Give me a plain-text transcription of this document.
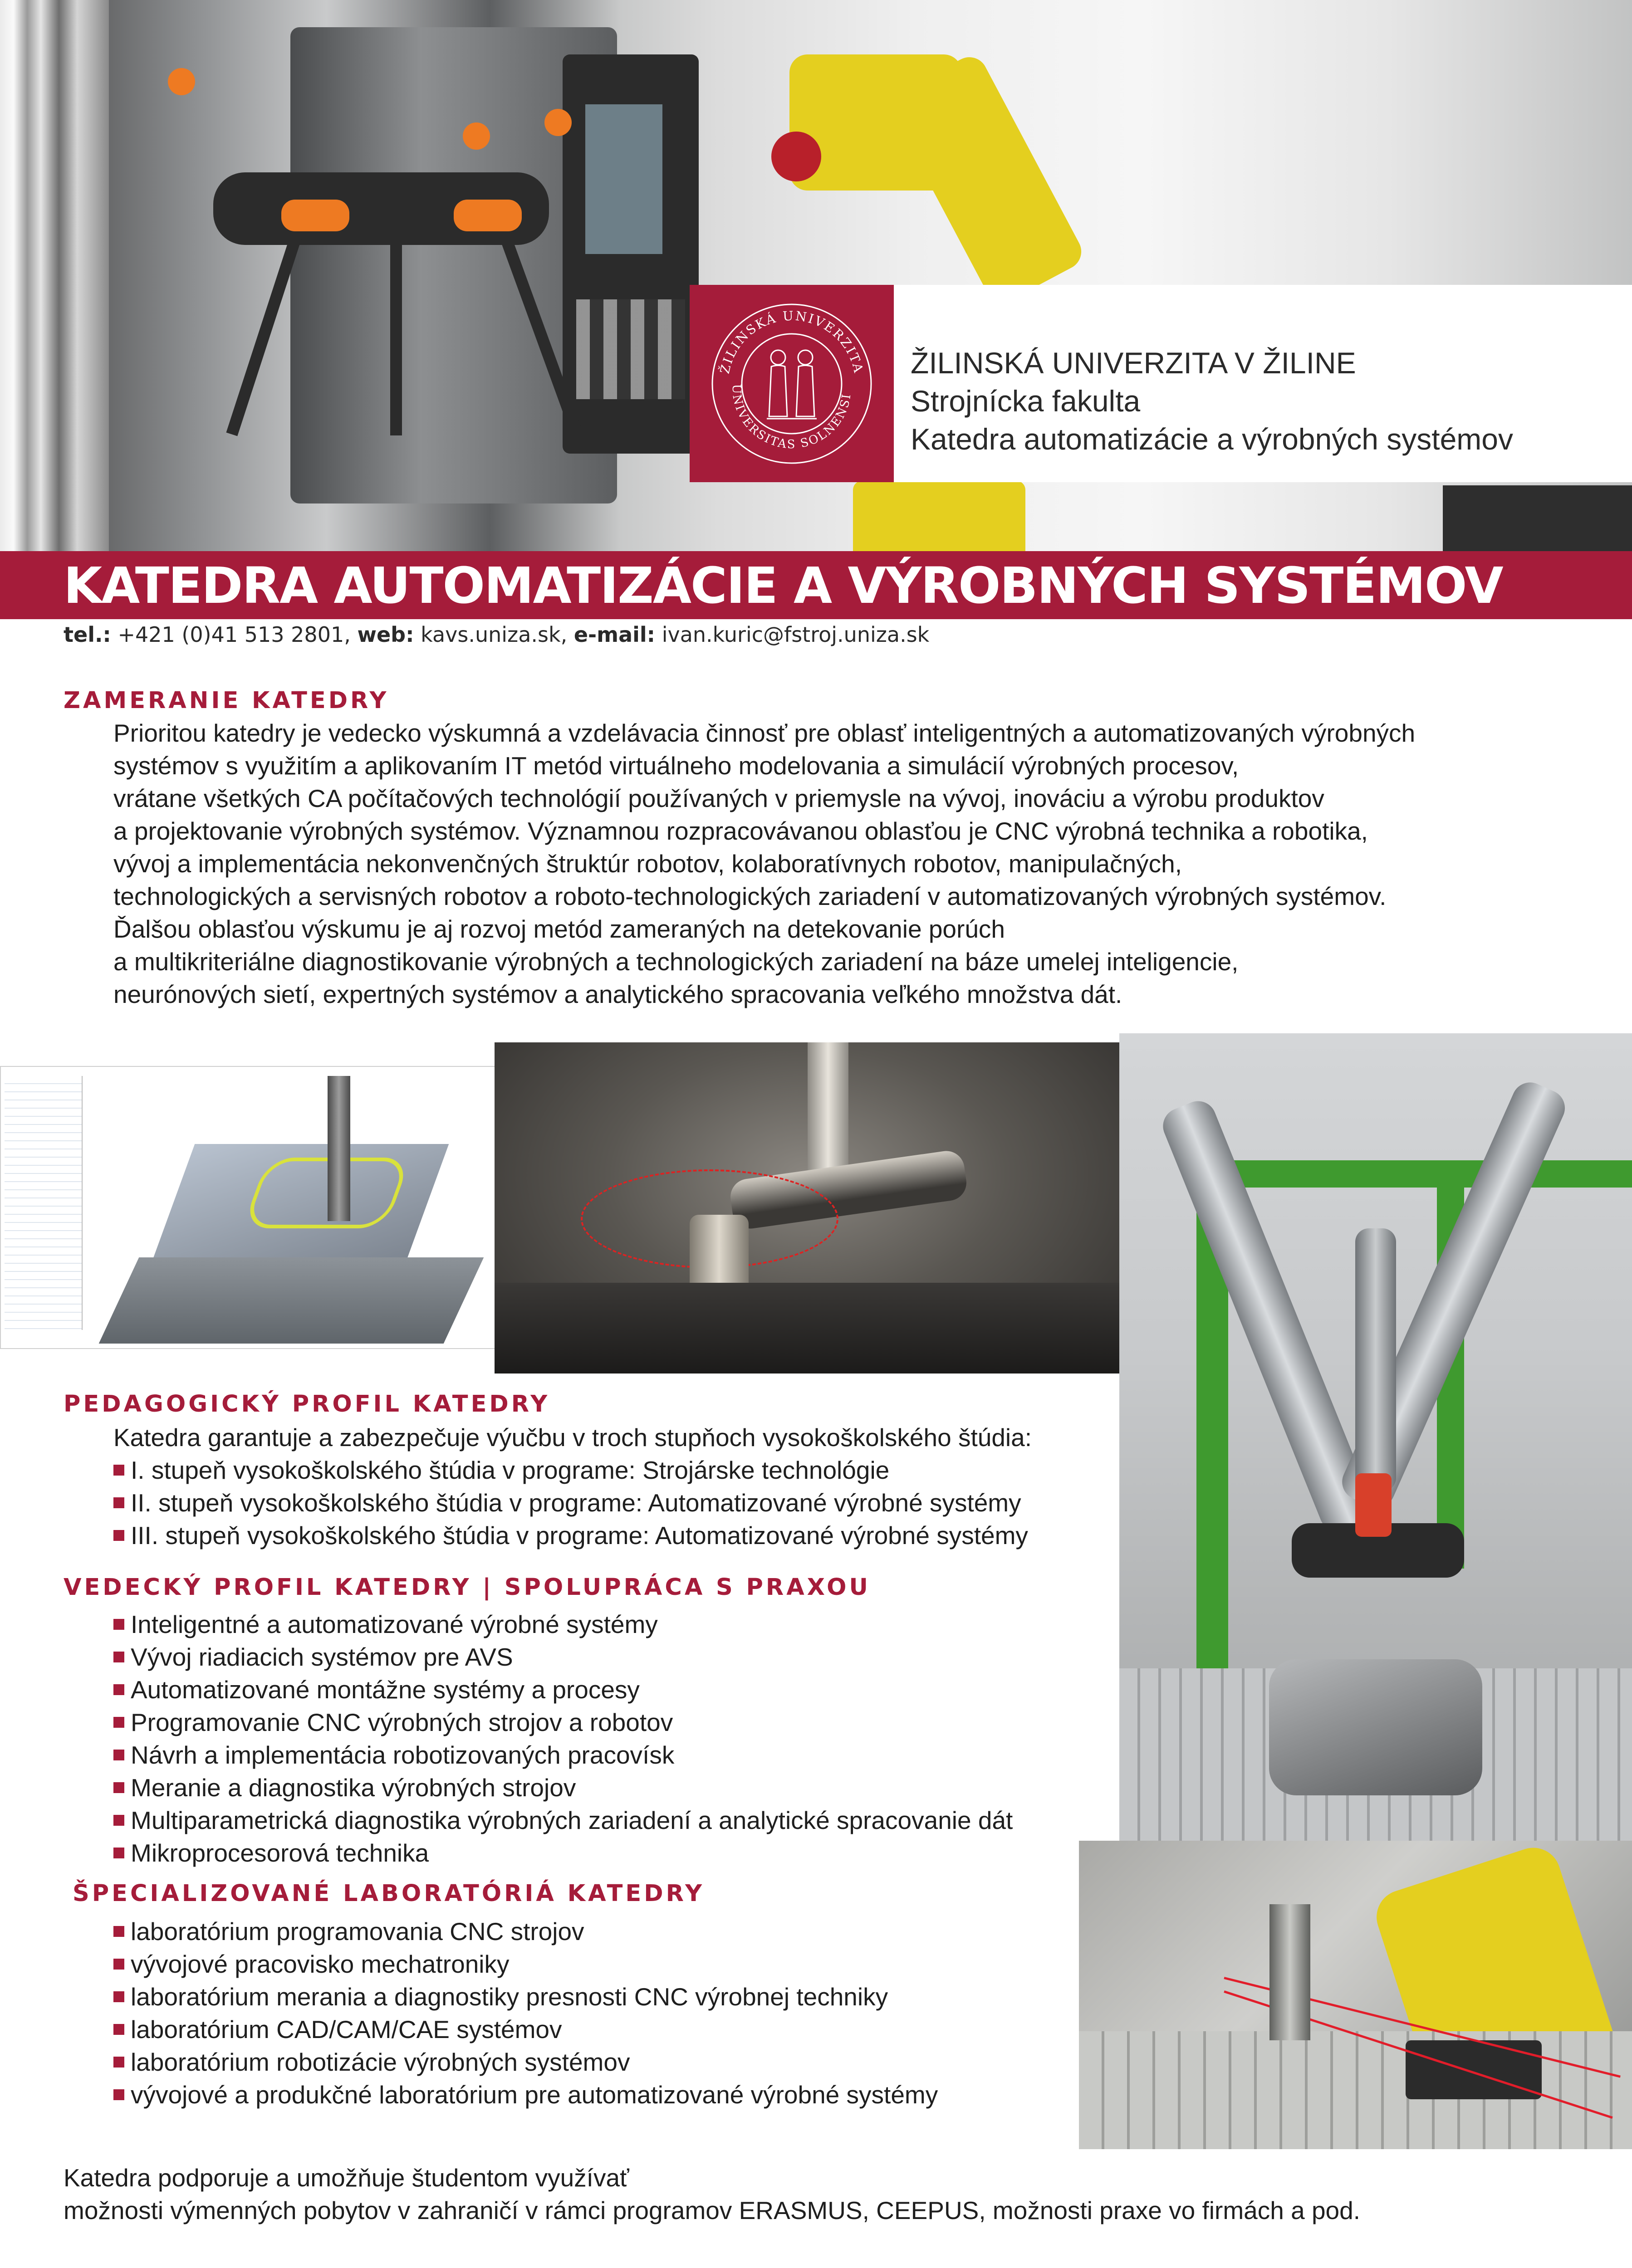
ŽILINSKÁ UNIVERZITA
UNIVERSITAS SOLNENSI
ŽILINSKÁ UNIVERZITA V ŽILINE
Strojnícka fakulta
Katedra automatizácie a výrobných systémov
KATEDRA AUTOMATIZÁCIE A VÝROBNÝCH SYSTÉMOV
tel.: +421 (0)41 513 2801, web: kavs.uniza.sk, e-mail: ivan.kuric@fstroj.uniza.sk
ZAMERANIE KATEDRY
Prioritou katedry je vedecko výskumná a vzdelávacia činnosť pre oblasť inteligentných a automatizovaných výrobných
systémov s využitím a aplikovaním IT metód virtuálneho modelovania a simulácií výrobných procesov,
vrátane všetkých CA počítačových technológií používaných v priemysle na vývoj, inováciu a výrobu produktov
a projektovanie výrobných systémov. Významnou rozpracovávanou oblasťou je CNC výrobná technika a robotika,
vývoj a implementácia nekonvenčných štruktúr robotov, kolaboratívnych robotov, manipulačných,
technologických a servisných robotov a roboto-technologických zariadení v automatizovaných výrobných systémov.
Ďalšou oblasťou výskumu je aj rozvoj metód zameraných na detekovanie porúch
a multikriteriálne diagnostikovanie výrobných a technologických zariadení na báze umelej inteligencie,
neurónových sietí, expertných systémov a analytického spracovania veľkého množstva dát.
PEDAGOGICKÝ PROFIL KATEDRY
Katedra garantuje a zabezpečuje výučbu v troch stupňoch vysokoškolského štúdia:
I. stupeň vysokoškolského štúdia v programe: Strojárske technológie
II. stupeň vysokoškolského štúdia v programe: Automatizované výrobné systémy
III. stupeň vysokoškolského štúdia v programe: Automatizované výrobné systémy
VEDECKÝ PROFIL KATEDRY | SPOLUPRÁCA S PRAXOU
Inteligentné a automatizované výrobné systémy
Vývoj riadiacich systémov pre AVS
Automatizované montážne systémy a procesy
Programovanie CNC výrobných strojov a robotov
Návrh a implementácia robotizovaných pracovísk
Meranie a diagnostika výrobných strojov
Multiparametrická diagnostika výrobných zariadení a analytické spracovanie dát
Mikroprocesorová technika
ŠPECIALIZOVANÉ LABORATÓRIÁ KATEDRY
laboratórium programovania CNC strojov
vývojové pracovisko mechatroniky
laboratórium merania a diagnostiky presnosti CNC výrobnej techniky
laboratórium CAD/CAM/CAE systémov
laboratórium robotizácie výrobných systémov
vývojové a produkčné laboratórium pre automatizované výrobné systémy
Katedra podporuje a umožňuje študentom využívať
možnosti výmenných pobytov v zahraničí v rámci programov ERASMUS, CEEPUS, možnosti praxe vo firmách a pod.
